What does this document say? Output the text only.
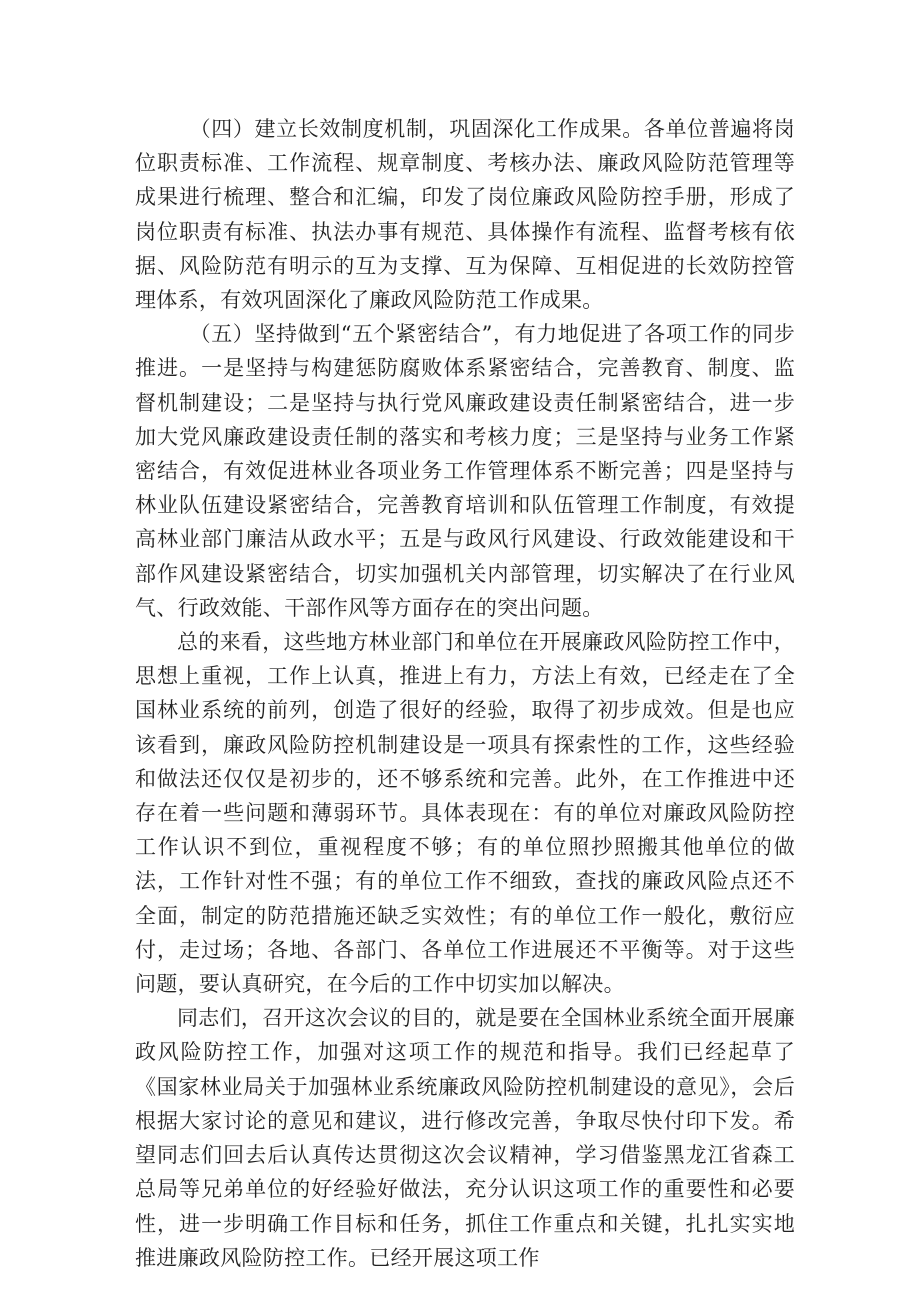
（四）建立长效制度机制，巩固深化工作成果。各单位普遍将岗位职责标准、工作流程、规章制度、考核办法、廉政风险防范管理等成果进行梳理、整合和汇编，印发了岗位廉政风险防控手册，形成了岗位职责有标准、执法办事有规范、具体操作有流程、监督考核有依据、风险防范有明示的互为支撑、互为保障、互相促进的长效防控管理体系，有效巩固深化了廉政风险防范工作成果。

（五）坚持做到“五个紧密结合”，有力地促进了各项工作的同步推进。一是坚持与构建惩防腐败体系紧密结合，完善教育、制度、监督机制建设；二是坚持与执行党风廉政建设责任制紧密结合，进一步加大党风廉政建设责任制的落实和考核力度；三是坚持与业务工作紧密结合，有效促进林业各项业务工作管理体系不断完善；四是坚持与林业队伍建设紧密结合，完善教育培训和队伍管理工作制度，有效提高林业部门廉洁从政水平；五是与政风行风建设、行政效能建设和干部作风建设紧密结合，切实加强机关内部管理，切实解决了在行业风气、行政效能、干部作风等方面存在的突出问题。

总的来看，这些地方林业部门和单位在开展廉政风险防控工作中，思想上重视，工作上认真，推进上有力，方法上有效，已经走在了全国林业系统的前列，创造了很好的经验，取得了初步成效。但是也应该看到，廉政风险防控机制建设是一项具有探索性的工作，这些经验和做法还仅仅是初步的，还不够系统和完善。此外，在工作推进中还存在着一些问题和薄弱环节。具体表现在：有的单位对廉政风险防控工作认识不到位，重视程度不够；有的单位照抄照搬其他单位的做法，工作针对性不强；有的单位工作不细致，查找的廉政风险点还不全面，制定的防范措施还缺乏实效性；有的单位工作一般化，敷衍应付，走过场；各地、各部门、各单位工作进展还不平衡等。对于这些问题，要认真研究，在今后的工作中切实加以解决。

同志们，召开这次会议的目的，就是要在全国林业系统全面开展廉政风险防控工作，加强对这项工作的规范和指导。我们已经起草了《国家林业局关于加强林业系统廉政风险防控机制建设的意见》，会后根据大家讨论的意见和建议，进行修改完善，争取尽快付印下发。希望同志们回去后认真传达贯彻这次会议精神，学习借鉴黑龙江省森工总局等兄弟单位的好经验好做法，充分认识这项工作的重要性和必要性，进一步明确工作目标和任务，抓住工作重点和关键，扎扎实实地推进廉政风险防控工作。已经开展这项工作
